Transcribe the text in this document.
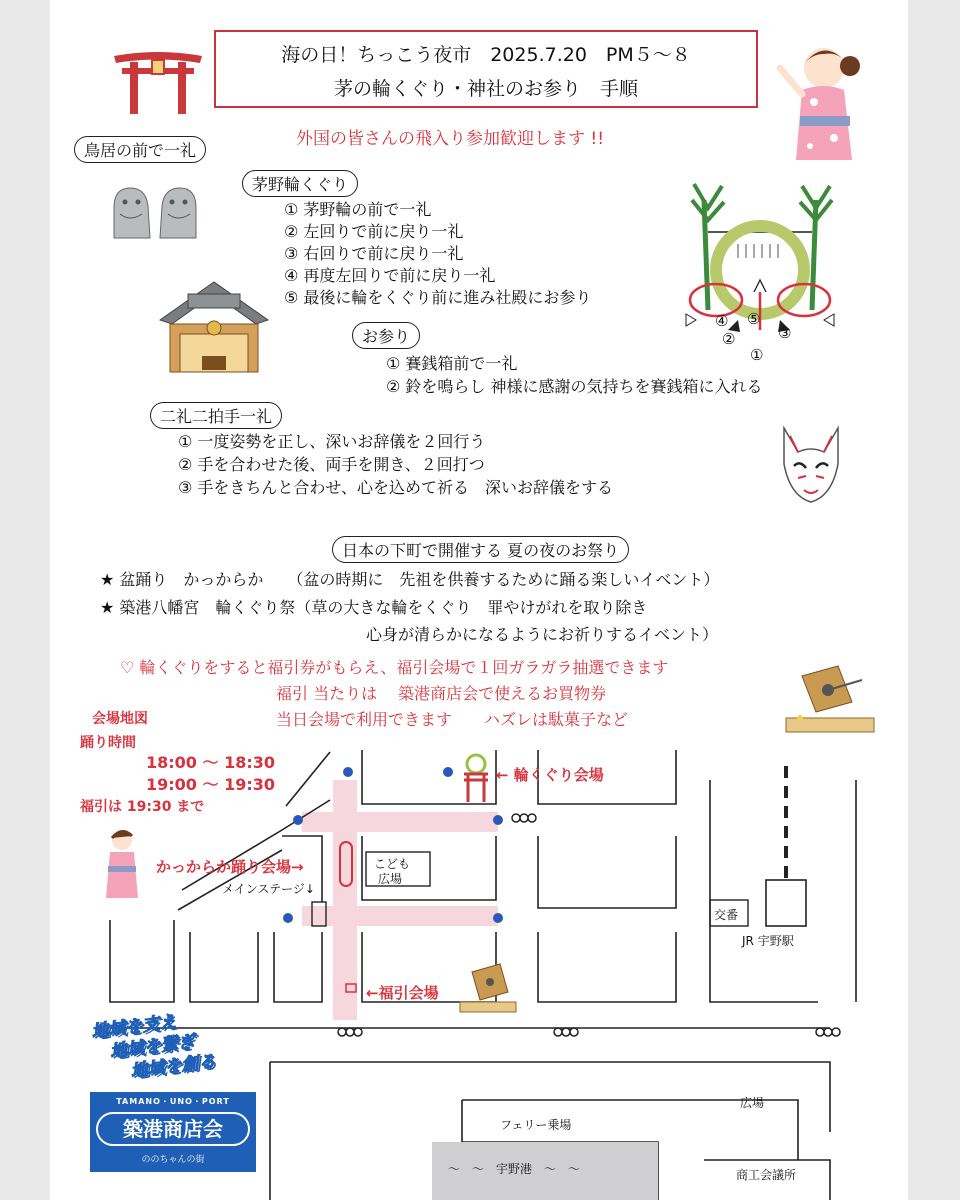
海の日！ちっこう夜市　2025.7.20　PM５～８
茅の輪くぐり・神社のお参り　手順
外国の皆さんの飛入り参加歓迎します !!
鳥居の前で一礼
茅野輪くぐり
① 茅野輪の前で一礼
② 左回りで前に戻り一礼
③ 右回りで前に戻り一礼
④ 再度左回りで前に戻り一礼
⑤ 最後に輪をくぐり前に進み社殿にお参り
④ ⑤
③
②
①
お参り
① 賽銭箱前で一礼
② 鈴を鳴らし 神様に感謝の気持ちを賽銭箱に入れる
二礼二拍手一礼
① 一度姿勢を正し、深いお辞儀を２回行う
② 手を合わせた後、両手を開き、２回打つ
③ 手をきちんと合わせ、心を込めて祈る　深いお辞儀をする
日本の下町で開催する 夏の夜のお祭り
★ 盆踊り　かっからか　　（盆の時期に　先祖を供養するために踊る楽しいイベント）
★ 築港八幡宮　輪くぐり祭（草の大きな輪をくぐり　罪やけがれを取り除き
心身が清らかになるようにお祈りするイベント）
♡ 輪くぐりをすると福引券がもらえ、福引会場で１回ガラガラ抽選できます
福引 当たりは　 築港商店会で使えるお買物券
当日会場で利用できます　　ハズレは駄菓子など
会場地図
踊り時間
18:00 ～ 18:30
19:00 ～ 19:30
福引は 19:30 まで
← 輪くぐり会場
かっからか踊り会場→
メインステージ↓
こども
広場
←福引会場
交番
JR 宇野駅
広場
フェリー乗場
～　～　宇野港　～　～	商工会議所
地域を支え
地域を繋ぎ
地域を創る
TAMANO・UNO・PORT
築港商店会
ののちゃんの街
